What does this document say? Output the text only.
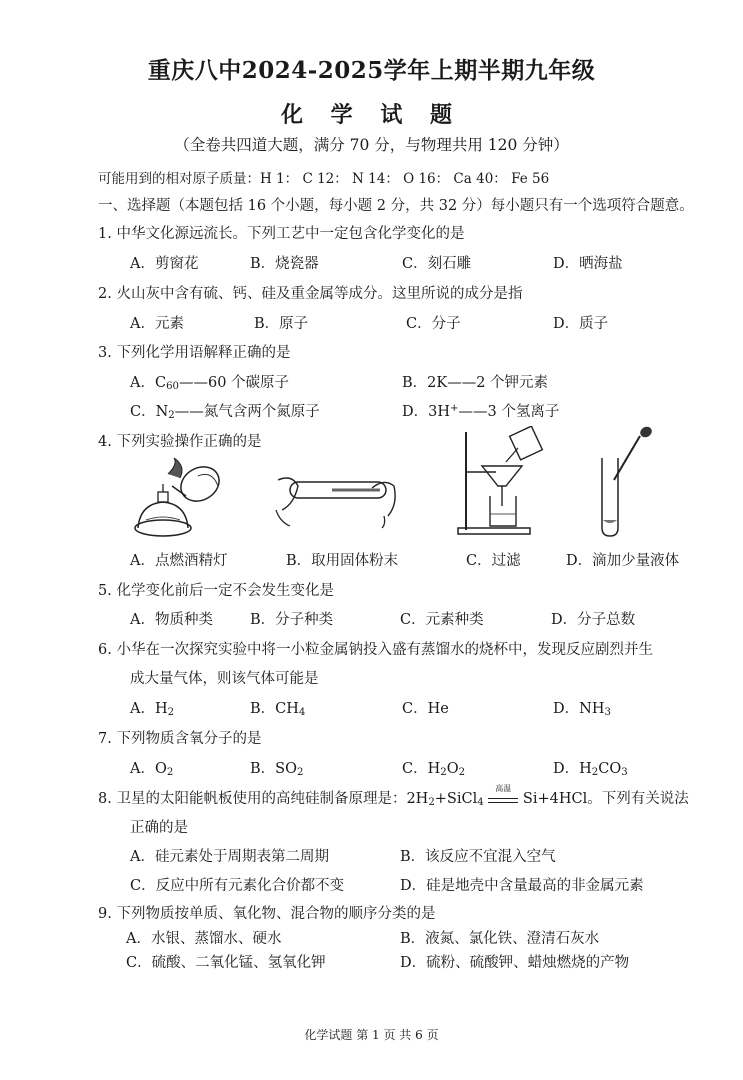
重庆八中2024-2025学年上期半期九年级
化 学 试 题
（全卷共四道大题，满分 70 分，与物理共用 120 分钟）
可能用到的相对原子质量：H 1： C 12： N 14： O 16： Ca 40： Fe 56
一、选择题（本题包括 16 个小题，每小题 2 分，共 32 分）每小题只有一个选项符合题意。
1. 中华文化源远流长。下列工艺中一定包含化学变化的是
A．剪窗花	B．烧瓷器	C．刻石雕	D．晒海盐
2. 火山灰中含有硫、钙、硅及重金属等成分。这里所说的成分是指
A．元素	B．原子	C．分子	D．质子
3. 下列化学用语解释正确的是
A．$C_{60}——60$ 个碳原子	B．2K——2 个钾元素
C．$N_2——$氮气含两个氮原子	D．3H+——3 个氢离子
4. 下列实验操作正确的是
A．点燃酒精灯	B．取用固体粉末	C．过滤	D．滴加少量液体
5. 化学变化前后一定不会发生变化是
A．物质种类	B．分子种类	C．元素种类	D．分子总数
6. 小华在一次探究实验中将一小粒金属钠投入盛有蒸馏水的烧杯中，发现反应剧烈并生
成大量气体，则该气体可能是
A．$H_2$	B．$CH_4$	C．He	D．$NH_3$
7. 下列物质含氧分子的是
A．$O_2$	B．$SO_2$	C．$H_2O_2$	D．$H_2CO_3$
8. 卫星的太阳能帆板使用的高纯硅制备原理是：$2H_2+SiCl_4$
高温
Si+4HCl。下列有关说法
正确的是
A．硅元素处于周期表第二周期	B．该反应不宜混入空气
C．反应中所有元素化合价都不变	D．硅是地壳中含量最高的非金属元素
9. 下列物质按单质、氧化物、混合物的顺序分类的是
A．水银、蒸馏水、硬水	B．液氮、氯化铁、澄清石灰水
C．硫酸、二氧化锰、氢氧化钾	D．硫粉、硫酸钾、蜡烛燃烧的产物
化学试题 第 1 页 共 6 页
